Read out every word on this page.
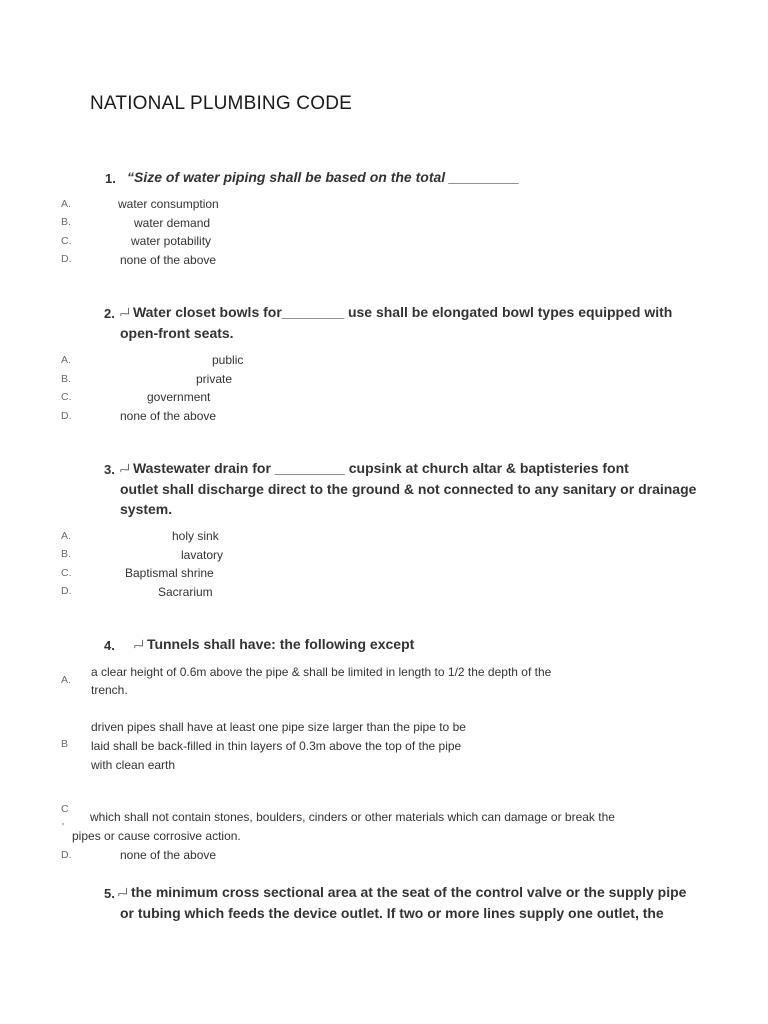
NATIONAL PLUMBING CODE
1. “Size of water piping shall be based on the total _________
A.	water consumption
B.	water demand
C.	water potability
D.	none of the above
2. ⌐┘ Water closet bowls for________ use shall be elongated bowl types equipped with
open-front seats.
A.	public
B.	private
C.	government
D.	none of the above
3. ⌐┘ Wastewater drain for _________ cupsink at church altar & baptisteries font
outlet shall discharge direct to the ground & not connected to any sanitary or drainage
system.
A.	holy sink
B.	lavatory
C.	Baptismal shrine
D.	Sacrarium
4. ⌐┘ Tunnels shall have: the following except
A.
a clear height of 0.6m above the pipe & shall be limited in length to 1/2 the depth of the
trench.
B
driven pipes shall have at least one pipe size larger than the pipe to be
laid shall be back-filled in thin layers of 0.3m above the top of the pipe
with clean earth
C
'
which shall not contain stones, boulders, cinders or other materials which can damage or break the
pipes or cause corrosive action.
D.	none of the above
5. ⌐┘ the minimum cross sectional area at the seat of the control valve or the supply pipe
or tubing which feeds the device outlet. If two or more lines supply one outlet, the
